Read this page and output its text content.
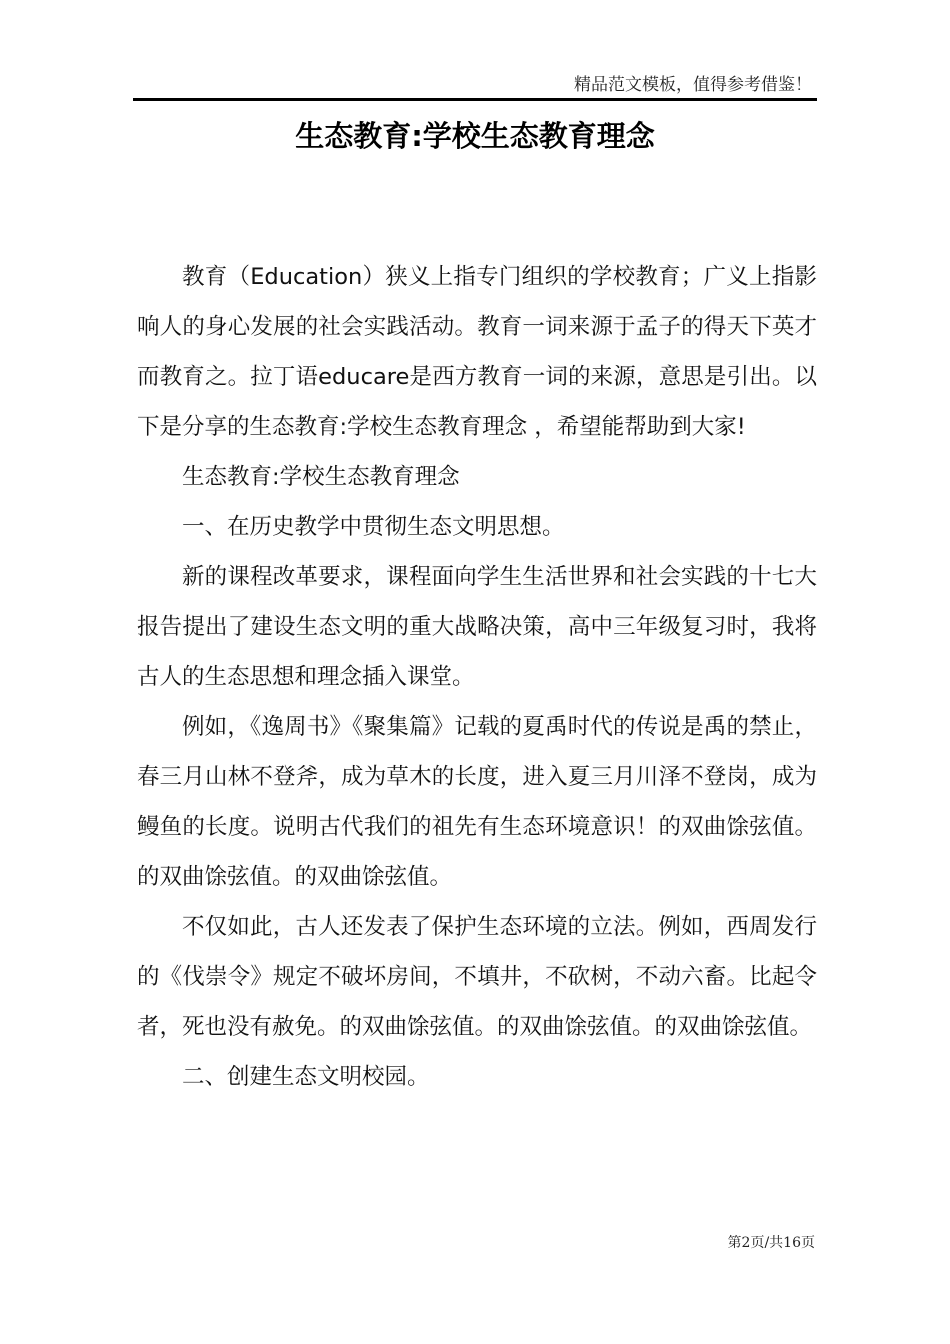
精品范文模板，值得参考借鉴！
生态教育:学校生态教育理念

教育（Education）狭义上指专门组织的学校教育；广义上指影响人的身心发展的社会实践活动。教育一词来源于孟子的得天下英才而教育之。拉丁语educare是西方教育一词的来源，意思是引出。以下是分享的生态教育:学校生态教育理念 ，希望能帮助到大家!

生态教育:学校生态教育理念

一、在历史教学中贯彻生态文明思想。

新的课程改革要求，课程面向学生生活世界和社会实践的十七大报告提出了建设生态文明的重大战略决策，高中三年级复习时，我将古人的生态思想和理念插入课堂。

例如，《逸周书》《聚集篇》记载的夏禹时代的传说是禹的禁止，春三月山林不登斧，成为草木的长度，进入夏三月川泽不登岗，成为鳗鱼的长度。说明古代我们的祖先有生态环境意识！的双曲馀弦值。的双曲馀弦值。的双曲馀弦值。

不仅如此，古人还发表了保护生态环境的立法。例如，西周发行的《伐崇令》规定不破坏房间，不填井，不砍树，不动六畜。比起令者，死也没有赦免。的双曲馀弦值。的双曲馀弦值。的双曲馀弦值。

二、创建生态文明校园。

第2页/共16页
